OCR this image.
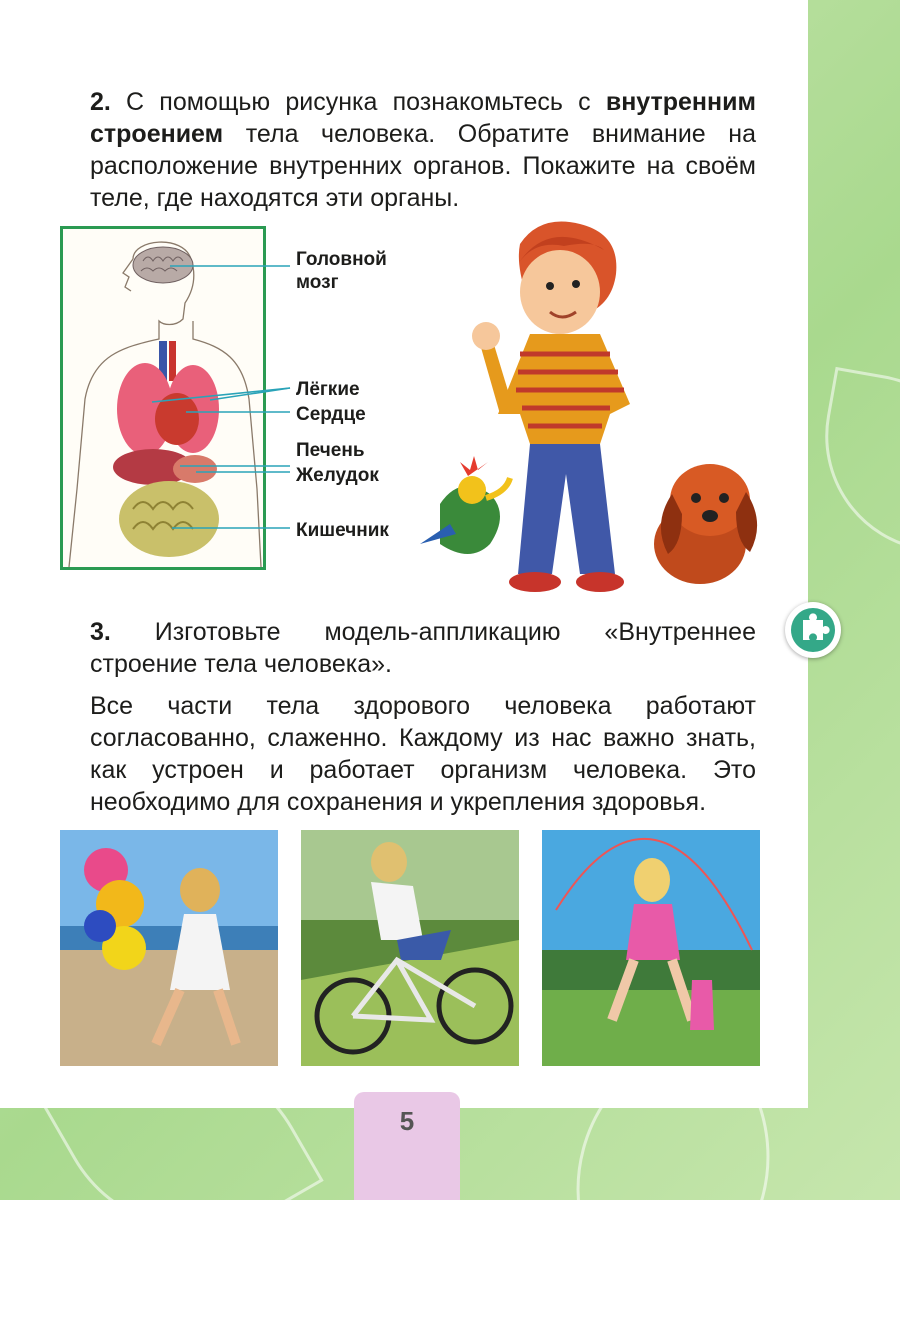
2. С помощью рисунка познакомьтесь с внутренним строением тела человека. Обратите внимание на расположение внутренних органов. Покажите на своём теле, где находятся эти органы.

Головной
мозг
Лёгкие
Сердце
Печень
Желудок
Кишечник

3. Изготовьте модель-аппликацию «Внутреннее строение тела человека».

Все части тела здорового человека работают согласованно, слаженно. Каждому из нас важно знать, как устроен и работает организм человека. Это необходимо для сохранения и укрепления здоровья.

5
